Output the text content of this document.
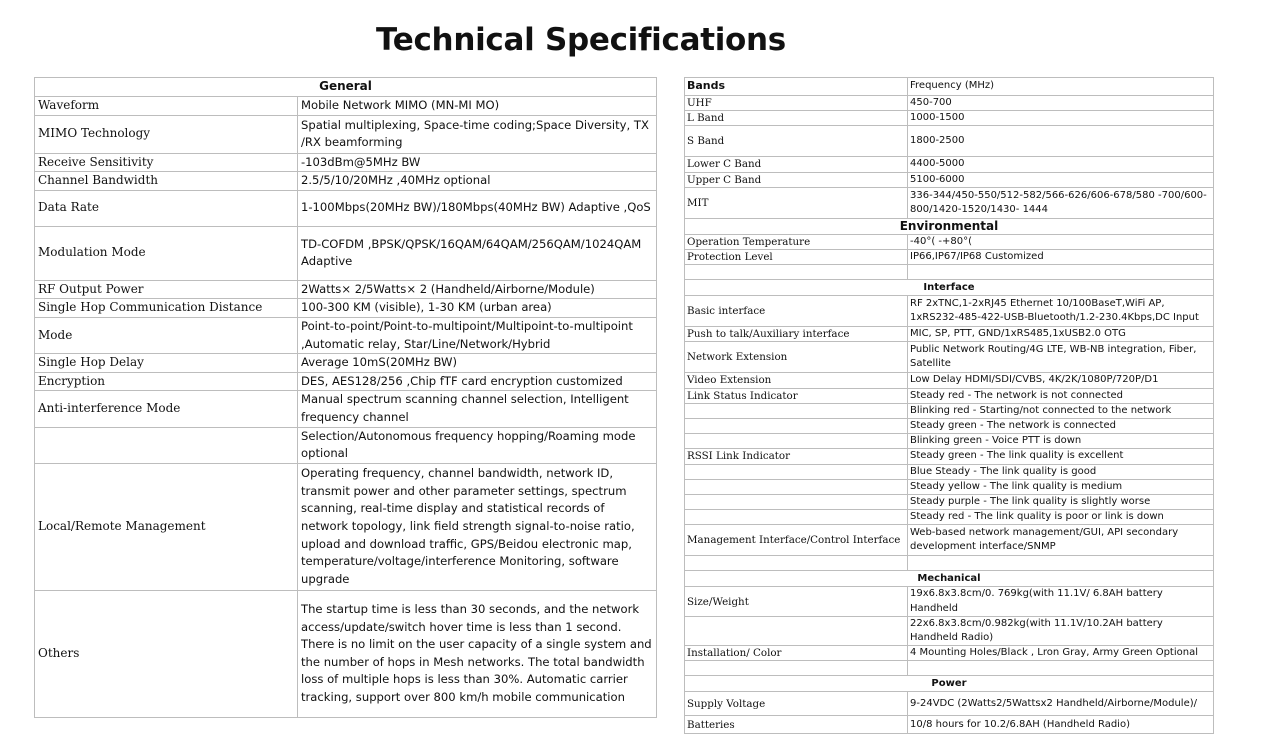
Technical Specifications
General	
Waveform	Mobile Network MIMO (MN-MI MO)
MIMO Technology	Spatial multiplexing, Space-time coding;Space Diversity, TX /RX beamforming
Receive Sensitivity	-103dBm@5MHz BW
Channel Bandwidth	2.5/5/10/20MHz ,40MHz optional
Data Rate	1-100Mbps(20MHz BW)/180Mbps(40MHz BW) Adaptive ,QoS
Modulation Mode	TD-COFDM ,BPSK/QPSK/16QAM/64QAM/256QAM/1024QAM Adaptive
RF Output Power	2Watts× 2/5Watts× 2 (Handheld/Airborne/Module)
Single Hop Communication Distance	100-300 KM (visible), 1-30 KM (urban area)
Mode	Point-to-point/Point-to-multipoint/Multipoint-to-multipoint ,Automatic relay, Star/Line/Network/Hybrid
Single Hop Delay	Average 10mS(20MHz BW)
Encryption	DES, AES128/256 ,Chip fTF card encryption customized
Anti-interference Mode	Manual spectrum scanning channel selection, Intelligent frequency channel
	Selection/Autonomous frequency hopping/Roaming mode optional
Local/Remote Management	Operating frequency, channel bandwidth, network ID, transmit power and other parameter settings, spectrum scanning, real-time display and statistical records of network topology, link field strength signal-to-noise ratio, upload and download traffic, GPS/Beidou electronic map, temperature/voltage/interference Monitoring, software upgrade
Others	The startup time is less than 30 seconds, and the network access/update/switch hover time is less than 1 second. There is no limit on the user capacity of a single system and the number of hops in Mesh networks. The total bandwidth loss of multiple hops is less than 30%. Automatic carrier tracking, support over 800 km/h mobile communication
Bands	Frequency (MHz)
UHF	450-700
L Band	1000-1500
S Band	1800-2500
Lower C Band	4400-5000
Upper C Band	5100-6000
MIT	336-344/450-550/512-582/566-626/606-678/580 -700/600-800/1420-1520/1430- 1444
Environmental	
Operation Temperature	-40°( -+80°(
Protection Level	IP66,IP67/IP68 Customized

Interface	
Basic interface	RF 2xTNC,1-2xRJ45 Ethernet 10/100BaseT,WiFi AP, 1xRS232-485-422-USB-Bluetooth/1.2-230.4Kbps,DC Input
Push to talk/Auxiliary interface	MIC, SP, PTT, GND/1xRS485,1xUSB2.0 OTG
Network Extension	Public Network Routing/4G LTE, WB-NB integration, Fiber, Satellite
Video Extension	Low Delay HDMI/SDI/CVBS, 4K/2K/1080P/720P/D1
Link Status Indicator	Steady red - The network is not connected
	Blinking red - Starting/not connected to the network
	Steady green - The network is connected
	Blinking green - Voice PTT is down
RSSI Link Indicator	Steady green - The link quality is excellent
	Blue Steady - The link quality is good
	Steady yellow - The link quality is medium
	Steady purple - The link quality is slightly worse
	Steady red - The link quality is poor or link is down
Management Interface/Control Interface	Web-based network management/GUI, API secondary development interface/SNMP

Mechanical	
Size/Weight	19x6.8x3.8cm/0. 769kg(with 11.1V/ 6.8AH battery Handheld
	22x6.8x3.8cm/0.982kg(with 11.1V/10.2AH battery Handheld Radio)
Installation/ Color	4 Mounting Holes/Black , Lron Gray, Army Green Optional

Power	
Supply Voltage	9-24VDC (2Watts2/5Wattsx2 Handheld/Airborne/Module)/
Batteries	10/8 hours for 10.2/6.8AH (Handheld Radio)
